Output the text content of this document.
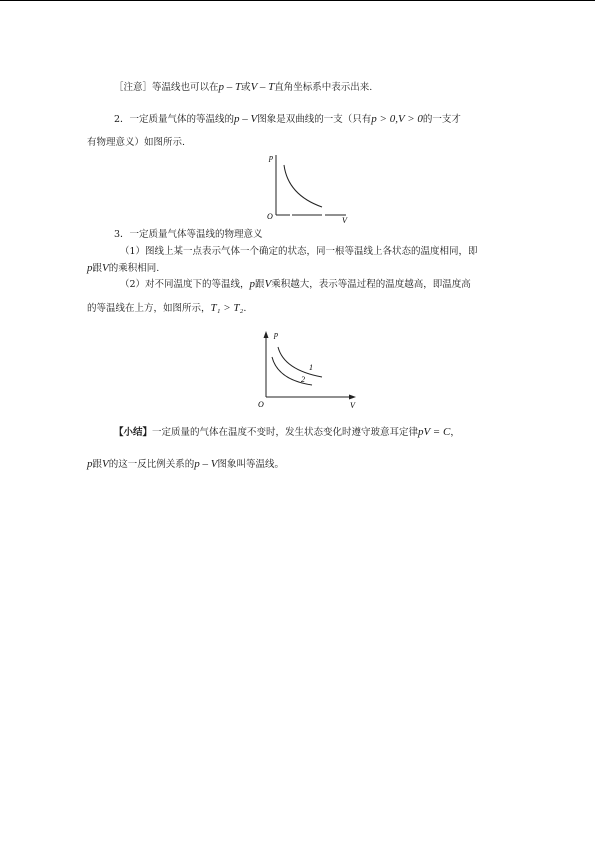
［注意］等温线也可以在p – T或V – T直角坐标系中表示出来.
2．一定质量气体的等温线的p – V图象是双曲线的一支（只有p > 0,V > 0的一支才
有物理意义）如图所示.
p
O	V
3．一定质量气体等温线的物理意义
（1）图线上某一点表示气体一个确定的状态，同一根等温线上各状态的温度相同，即
p跟V的乘积相同.
（2）对不同温度下的等温线，p跟V乘积越大，表示等温过程的温度越高，即温度高
的等温线在上方，如图所示，T₁ > T₂.
p
O	V
1
2
【小结】一定质量的气体在温度不变时，发生状态变化时遵守玻意耳定律pV = C，
p跟V的这一反比例关系的p – V图象叫等温线。
